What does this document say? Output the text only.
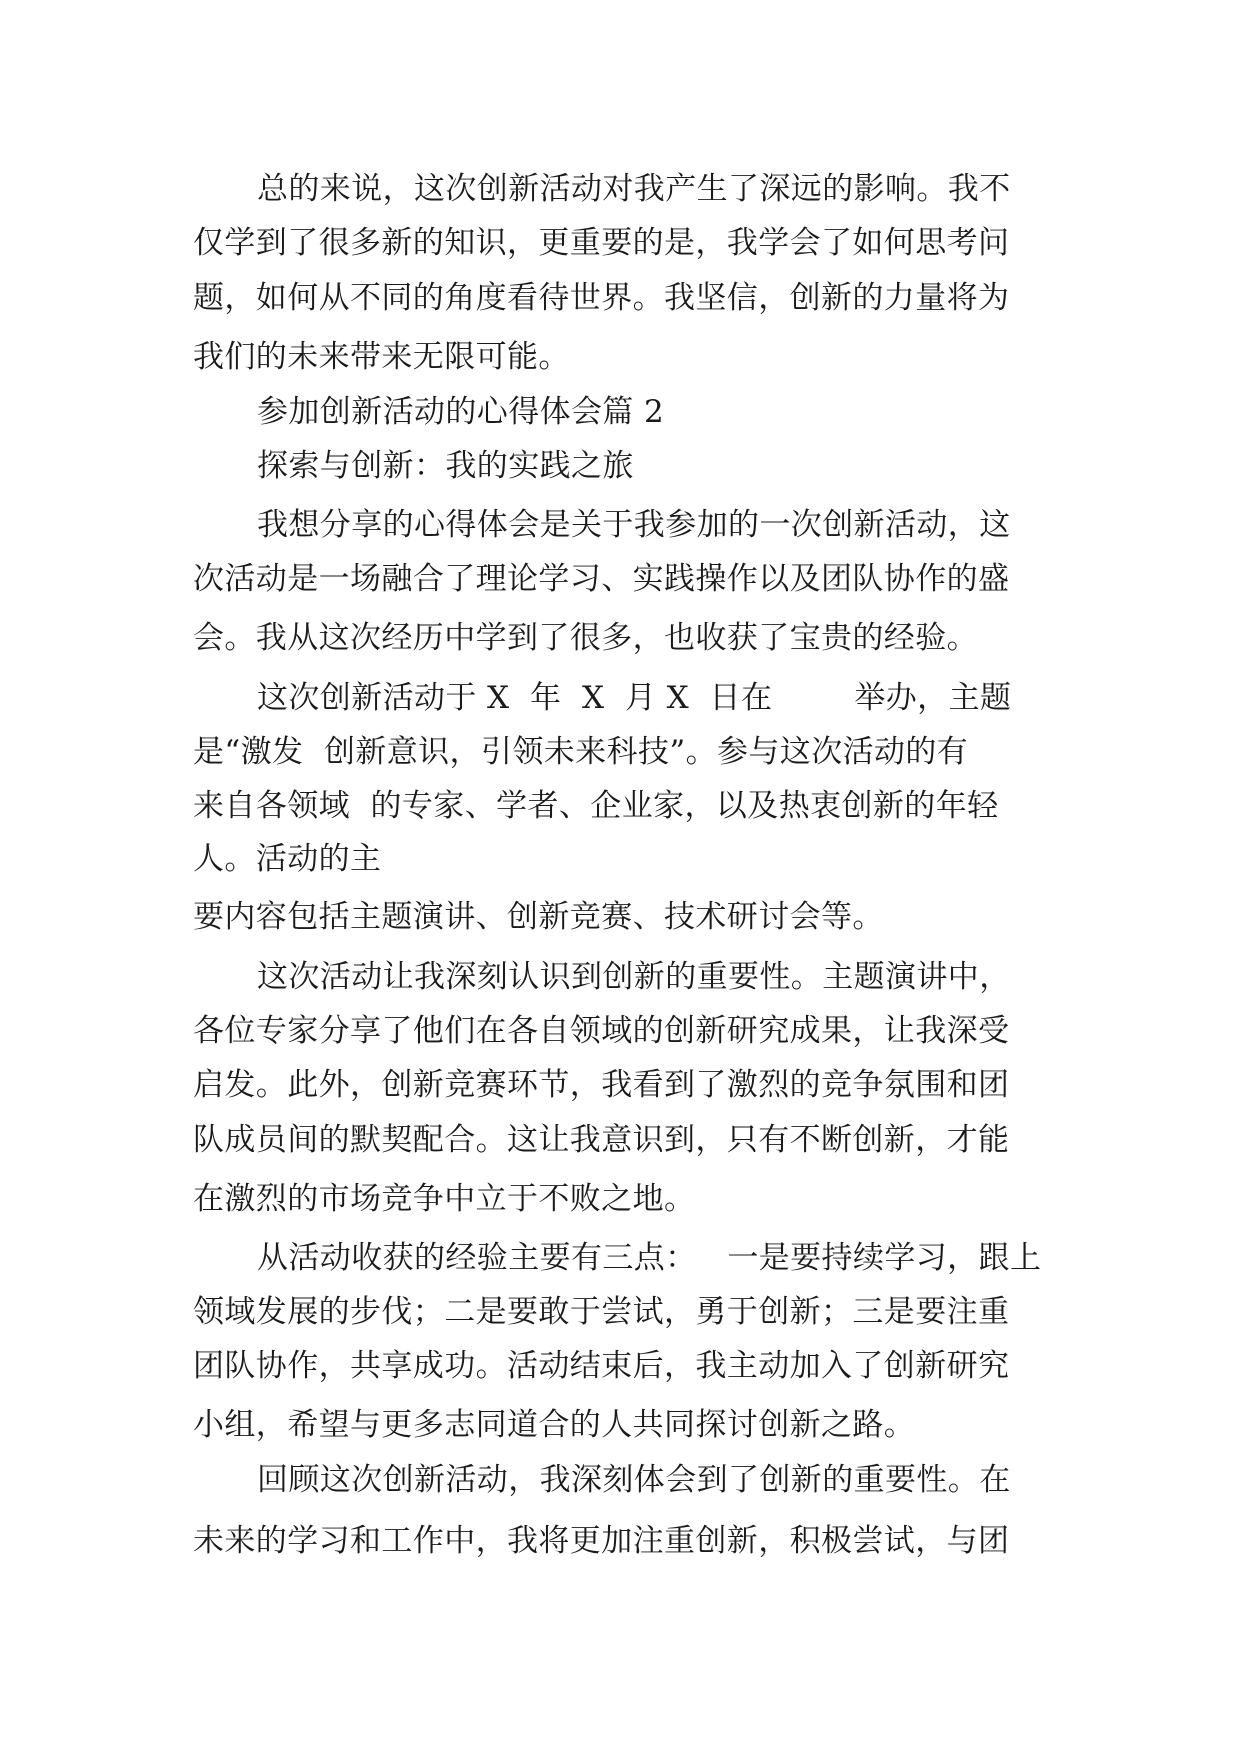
总的来说，这次创新活动对我产生了深远的影响。我不

仅学到了很多新的知识，更重要的是，我学会了如何思考问

题，如何从不同的角度看待世界。我坚信，创新的力量将为

我们的未来带来无限可能。

参加创新活动的心得体会篇 2

探索与创新：我的实践之旅

我想分享的心得体会是关于我参加的一次创新活动，这

次活动是一场融合了理论学习、实践操作以及团队协作的盛

会。我从这次经历中学到了很多，也收获了宝贵的经验。

这次创新活动于 X  年  X  月 X  日在        举办，主题

是“激发  创新意识，引领未来科技”。参与这次活动的有

来自各领域  的专家、学者、企业家，以及热衷创新的年轻

人。活动的主

要内容包括主题演讲、创新竞赛、技术研讨会等。

这次活动让我深刻认识到创新的重要性。主题演讲中，

各位专家分享了他们在各自领域的创新研究成果，让我深受

启发。此外，创新竞赛环节，我看到了激烈的竞争氛围和团

队成员间的默契配合。这让我意识到，只有不断创新，才能

在激烈的市场竞争中立于不败之地。

从活动收获的经验主要有三点：   一是要持续学习，跟上

领域发展的步伐；二是要敢于尝试，勇于创新；三是要注重

团队协作，共享成功。活动结束后，我主动加入了创新研究

小组，希望与更多志同道合的人共同探讨创新之路。

回顾这次创新活动，我深刻体会到了创新的重要性。在

未来的学习和工作中，我将更加注重创新，积极尝试，与团
